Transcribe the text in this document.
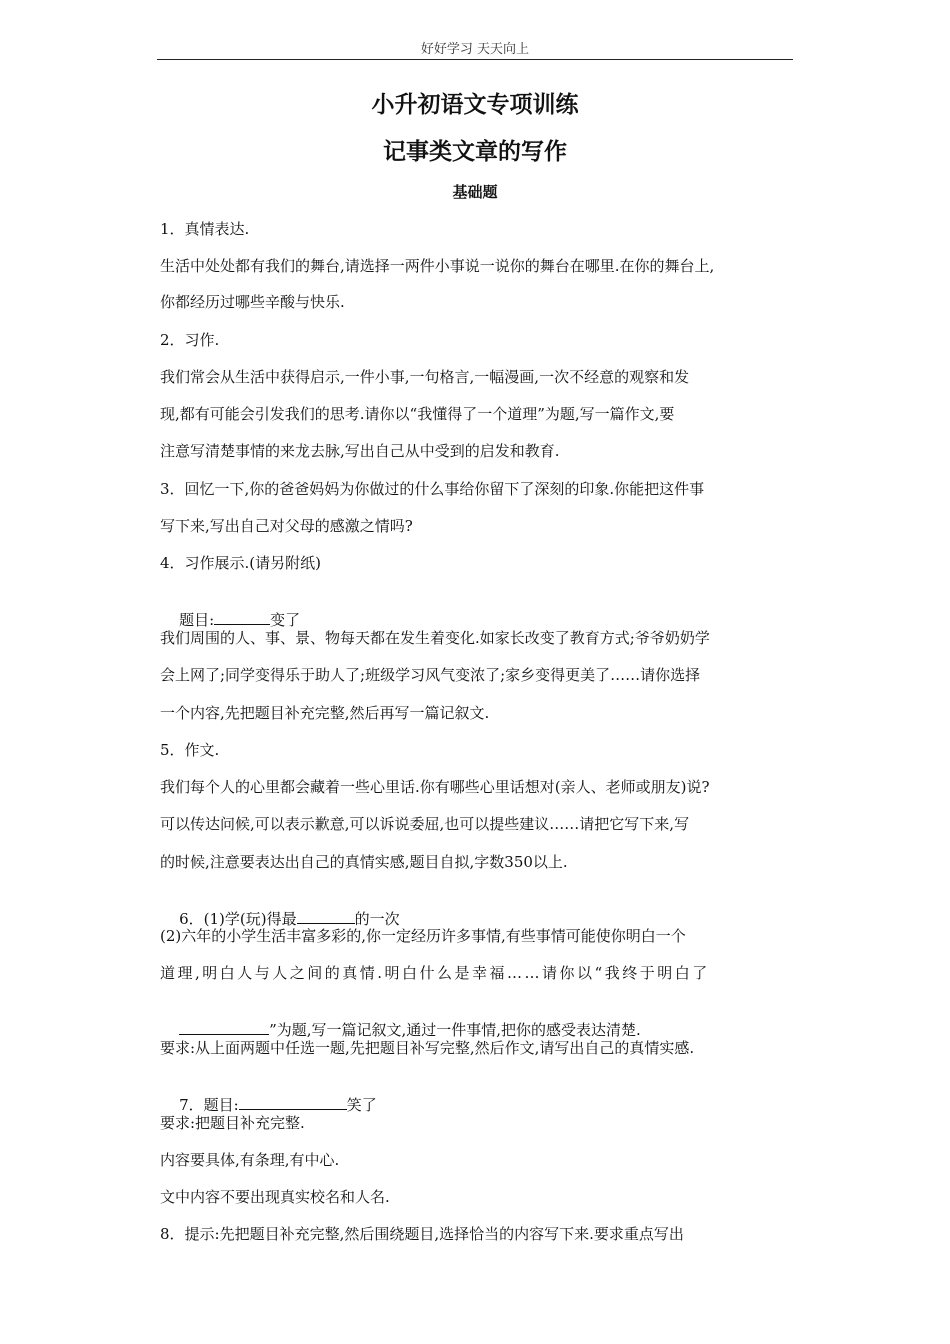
好好学习 天天向上
小升初语文专项训练
记事类文章的写作
基础题
1．真情表达.
生活中处处都有我们的舞台,请选择一两件小事说一说你的舞台在哪里.在你的舞台上,
你都经历过哪些辛酸与快乐.
2．习作.
我们常会从生活中获得启示,一件小事,一句格言,一幅漫画,一次不经意的观察和发
现,都有可能会引发我们的思考.请你以“我懂得了一个道理”为题,写一篇作文,要
注意写清楚事情的来龙去脉,写出自己从中受到的启发和教育.
3．回忆一下,你的爸爸妈妈为你做过的什么事给你留下了深刻的印象.你能把这件事
写下来,写出自己对父母的感激之情吗?
4．习作展示.(请另附纸)

题目:	变了

我们周围的人、事、景、物每天都在发生着变化.如家长改变了教育方式;爷爷奶奶学
会上网了;同学变得乐于助人了;班级学习风气变浓了;家乡变得更美了……请你选择
一个内容,先把题目补充完整,然后再写一篇记叙文.
5．作文.
我们每个人的心里都会藏着一些心里话.你有哪些心里话想对(亲人、老师或朋友)说?
可以传达问候,可以表示歉意,可以诉说委屈,也可以提些建议……请把它写下来,写
的时候,注意要表达出自己的真情实感,题目自拟,字数350以上.

6．(1)学(玩)得最	的一次

(2)六年的小学生活丰富多彩的,你一定经历许多事情,有些事情可能使你明白一个
道理,明白人与人之间的真情.明白什么是幸福……请你以“我终于明白了

”为题,写一篇记叙文,通过一件事情,把你的感受表达清楚.

要求:从上面两题中任选一题,先把题目补写完整,然后作文,请写出自己的真情实感.

7．题目:	笑了

要求:把题目补充完整.
内容要具体,有条理,有中心.
文中内容不要出现真实校名和人名.
8．提示:先把题目补充完整,然后围绕题目,选择恰当的内容写下来.要求重点写出
